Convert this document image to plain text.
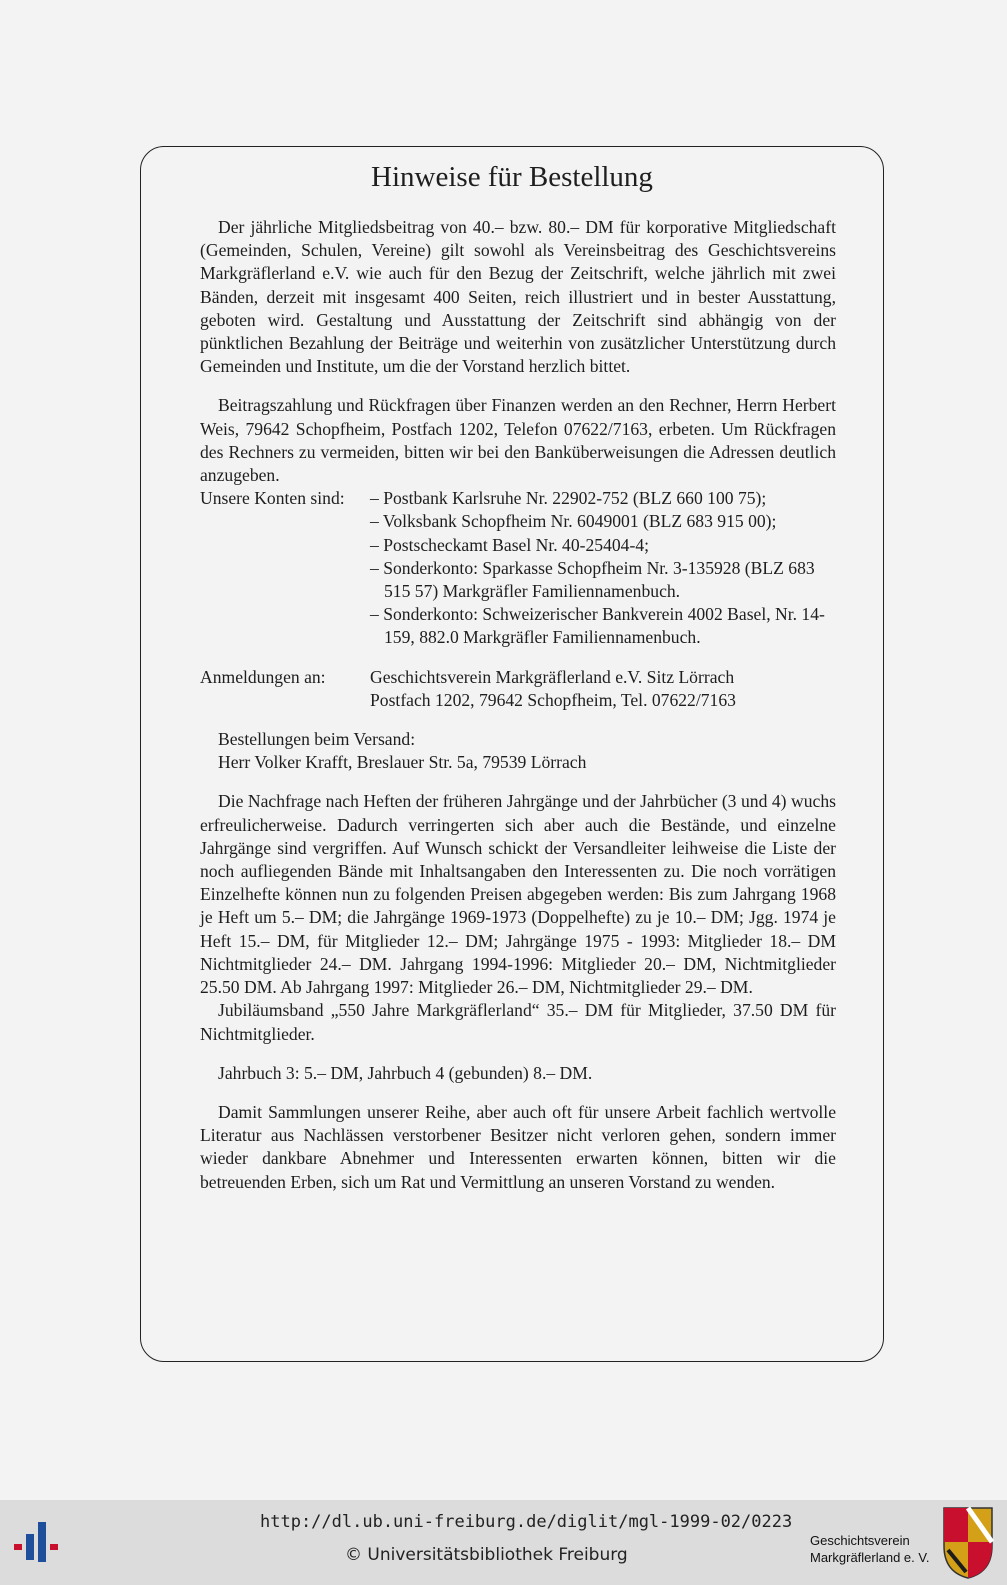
Hinweise für Bestellung

Der jährliche Mitgliedsbeitrag von 40.– bzw. 80.– DM für korporative Mitgliedschaft (Gemeinden, Schulen, Vereine) gilt sowohl als Vereinsbeitrag des Geschichtsvereins Markgräflerland e.V. wie auch für den Bezug der Zeitschrift, welche jährlich mit zwei Bänden, derzeit mit insgesamt 400 Seiten, reich illustriert und in bester Ausstattung, geboten wird. Gestaltung und Ausstattung der Zeitschrift sind abhängig von der pünktlichen Bezahlung der Beiträge und weiterhin von zusätzlicher Unterstützung durch Gemeinden und Institute, um die der Vorstand herzlich bittet.

Beitragszahlung und Rückfragen über Finanzen werden an den Rechner, Herrn Herbert Weis, 79642 Schopfheim, Postfach 1202, Telefon 07622/7163, erbeten. Um Rückfragen des Rechners zu vermeiden, bitten wir bei den Banküberweisungen die Adressen deutlich anzugeben.

Unsere Konten sind:	– Postbank Karlsruhe Nr. 22902-752 (BLZ 660 100 75);
– Volksbank Schopfheim Nr. 6049001 (BLZ 683 915 00);
– Postscheckamt Basel Nr. 40-25404-4;
– Sonderkonto: Sparkasse Schopfheim Nr. 3-135928 (BLZ 683 515 57) Markgräfler Familiennamenbuch.
– Sonderkonto: Schweizerischer Bankverein 4002 Basel, Nr. 14-159, 882.0 Markgräfler Familiennamenbuch.
Anmeldungen an:	Geschichtsverein Markgräflerland e.V. Sitz Lörrach
Postfach 1202, 79642 Schopfheim, Tel. 07622/7163
Bestellungen beim Versand:
Herr Volker Krafft, Breslauer Str. 5a, 79539 Lörrach

Die Nachfrage nach Heften der früheren Jahrgänge und der Jahrbücher (3 und 4) wuchs erfreulicherweise. Dadurch verringerten sich aber auch die Bestände, und einzelne Jahrgänge sind vergriffen. Auf Wunsch schickt der Versandleiter leihweise die Liste der noch aufliegenden Bände mit Inhaltsangaben den Interessenten zu. Die noch vorrätigen Einzelhefte können nun zu folgenden Preisen abgegeben werden: Bis zum Jahrgang 1968 je Heft um 5.– DM; die Jahrgänge 1969-1973 (Doppelhefte) zu je 10.– DM; Jgg. 1974 je Heft 15.– DM, für Mitglieder 12.– DM; Jahrgänge 1975 - 1993: Mitglieder 18.– DM Nichtmitglieder 24.– DM. Jahrgang 1994-1996: Mitglieder 20.– DM, Nichtmitglieder 25.50 DM. Ab Jahrgang 1997: Mitglieder 26.– DM, Nichtmitglieder 29.– DM.

Jubiläumsband „550 Jahre Markgräflerland“ 35.– DM für Mitglieder, 37.50 DM für Nichtmitglieder.

Jahrbuch 3: 5.– DM, Jahrbuch 4 (gebunden) 8.– DM.

Damit Sammlungen unserer Reihe, aber auch oft für unsere Arbeit fachlich wertvolle Literatur aus Nachlässen verstorbener Besitzer nicht verloren gehen, sondern immer wieder dankbare Abnehmer und Interessenten erwarten können, bitten wir die betreuenden Erben, sich um Rat und Vermittlung an unseren Vorstand zu wenden.

http://dl.ub.uni-freiburg.de/diglit/mgl-1999-02/0223
© Universitätsbibliothek Freiburg
Geschichtsverein
Markgräflerland e. V.
